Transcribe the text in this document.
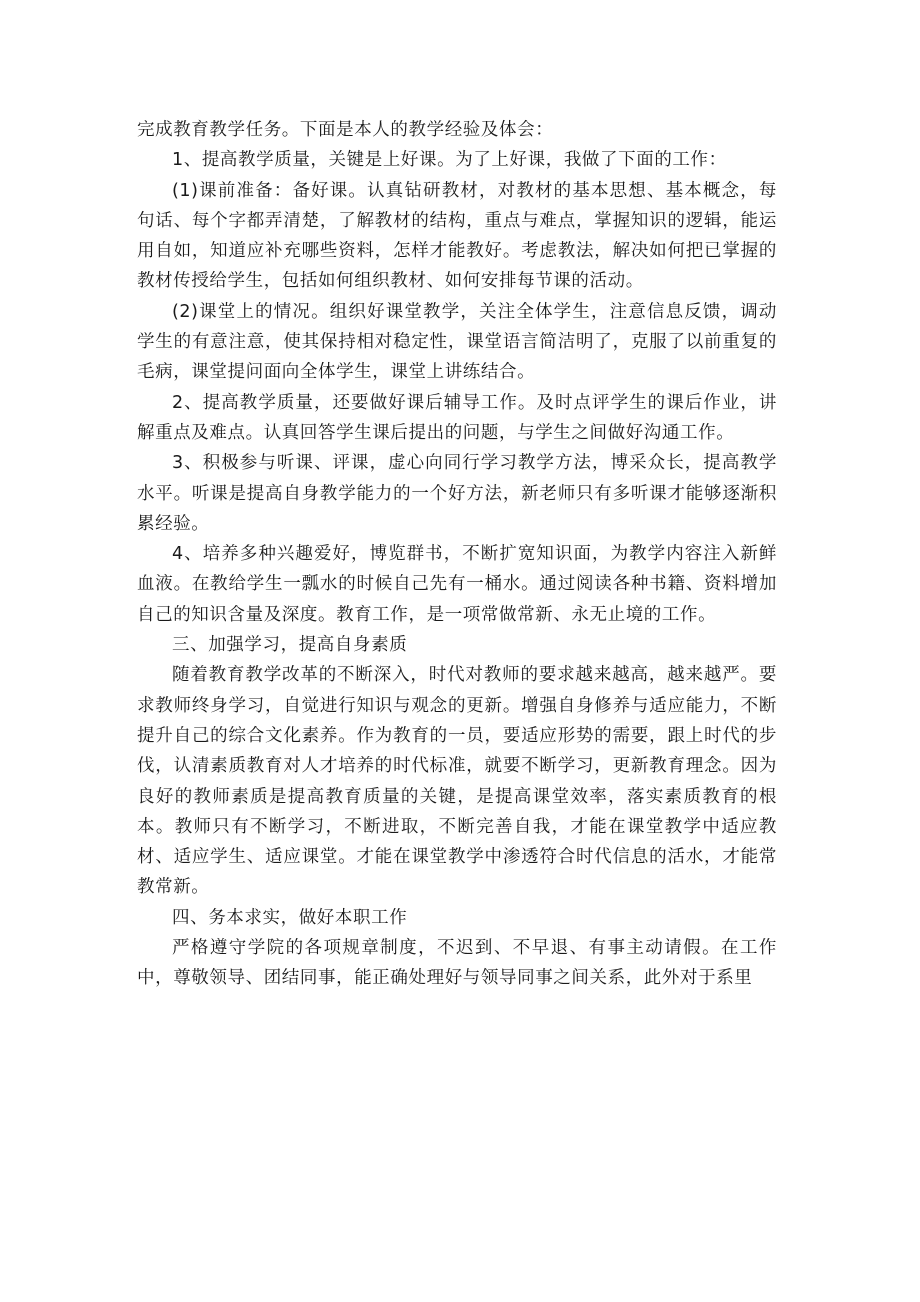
完成教育教学任务。下面是本人的教学经验及体会：

1、提高教学质量，关键是上好课。为了上好课，我做了下面的工作：

(1)课前准备：备好课。认真钻研教材，对教材的基本思想、基本概念，每句话、每个字都弄清楚，了解教材的结构，重点与难点，掌握知识的逻辑，能运用自如，知道应补充哪些资料，怎样才能教好。考虑教法，解决如何把已掌握的教材传授给学生，包括如何组织教材、如何安排每节课的活动。

(2)课堂上的情况。组织好课堂教学，关注全体学生，注意信息反馈，调动学生的有意注意，使其保持相对稳定性，课堂语言简洁明了，克服了以前重复的毛病，课堂提问面向全体学生，课堂上讲练结合。

2、提高教学质量，还要做好课后辅导工作。及时点评学生的课后作业，讲解重点及难点。认真回答学生课后提出的问题，与学生之间做好沟通工作。

3、积极参与听课、评课，虚心向同行学习教学方法，博采众长，提高教学水平。听课是提高自身教学能力的一个好方法，新老师只有多听课才能够逐渐积累经验。

4、培养多种兴趣爱好，博览群书，不断扩宽知识面，为教学内容注入新鲜血液。在教给学生一瓢水的时候自己先有一桶水。通过阅读各种书籍、资料增加自己的知识含量及深度。教育工作，是一项常做常新、永无止境的工作。

三、加强学习，提高自身素质

随着教育教学改革的不断深入，时代对教师的要求越来越高，越来越严。要求教师终身学习，自觉进行知识与观念的更新。增强自身修养与适应能力，不断提升自己的综合文化素养。作为教育的一员，要适应形势的需要，跟上时代的步伐，认清素质教育对人才培养的时代标准，就要不断学习，更新教育理念。因为良好的教师素质是提高教育质量的关键，是提高课堂效率，落实素质教育的根本。教师只有不断学习，不断进取，不断完善自我，才能在课堂教学中适应教材、适应学生、适应课堂。才能在课堂教学中渗透符合时代信息的活水，才能常教常新。

四、务本求实，做好本职工作

严格遵守学院的各项规章制度，不迟到、不早退、有事主动请假。在工作中，尊敬领导、团结同事，能正确处理好与领导同事之间关系，此外对于系里
